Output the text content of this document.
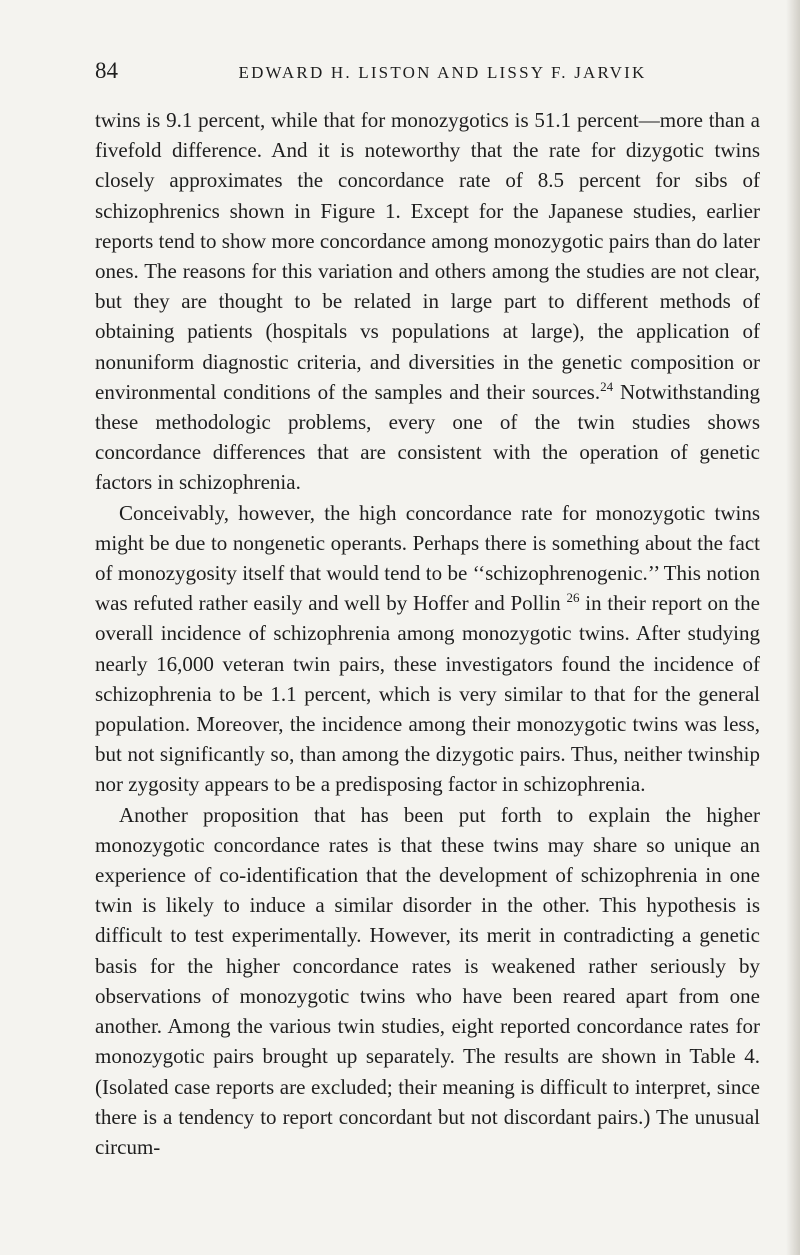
84	EDWARD H. LISTON AND LISSY F. JARVIK

twins is 9.1 percent, while that for monozygotics is 51.1 percent—more than a fivefold difference. And it is noteworthy that the rate for dizygotic twins closely approximates the concordance rate of 8.5 percent for sibs of schizophrenics shown in Figure 1. Except for the Japanese studies, earlier reports tend to show more concordance among monozygotic pairs than do later ones. The reasons for this variation and others among the studies are not clear, but they are thought to be related in large part to different methods of obtaining patients (hospitals vs populations at large), the application of nonuniform diagnostic criteria, and diversities in the genetic composition or environmental conditions of the samples and their sources.$^{24}$ Notwithstanding these methodologic problems, every one of the twin studies shows concordance differences that are consistent with the operation of genetic factors in schizophrenia.

Conceivably, however, the high concordance rate for monozygotic twins might be due to nongenetic operants. Perhaps there is something about the fact of monozygosity itself that would tend to be ‘‘schizophrenogenic.’’ This notion was refuted rather easily and well by Hoffer and Pollin $^{26}$ in their report on the overall incidence of schizophrenia among monozygotic twins. After studying nearly 16,000 veteran twin pairs, these investigators found the incidence of schizophrenia to be 1.1 percent, which is very similar to that for the general population. Moreover, the incidence among their monozygotic twins was less, but not significantly so, than among the dizygotic pairs. Thus, neither twinship nor zygosity appears to be a predisposing factor in schizophrenia.

Another proposition that has been put forth to explain the higher monozygotic concordance rates is that these twins may share so unique an experience of co-identification that the development of schizophrenia in one twin is likely to induce a similar disorder in the other. This hypothesis is difficult to test experimentally. However, its merit in contradicting a genetic basis for the higher concordance rates is weakened rather seriously by observations of monozygotic twins who have been reared apart from one another. Among the various twin studies, eight reported concordance rates for monozygotic pairs brought up separately. The results are shown in Table 4. (Isolated case reports are excluded; their meaning is difficult to interpret, since there is a tendency to report concordant but not discordant pairs.) The unusual circum-
